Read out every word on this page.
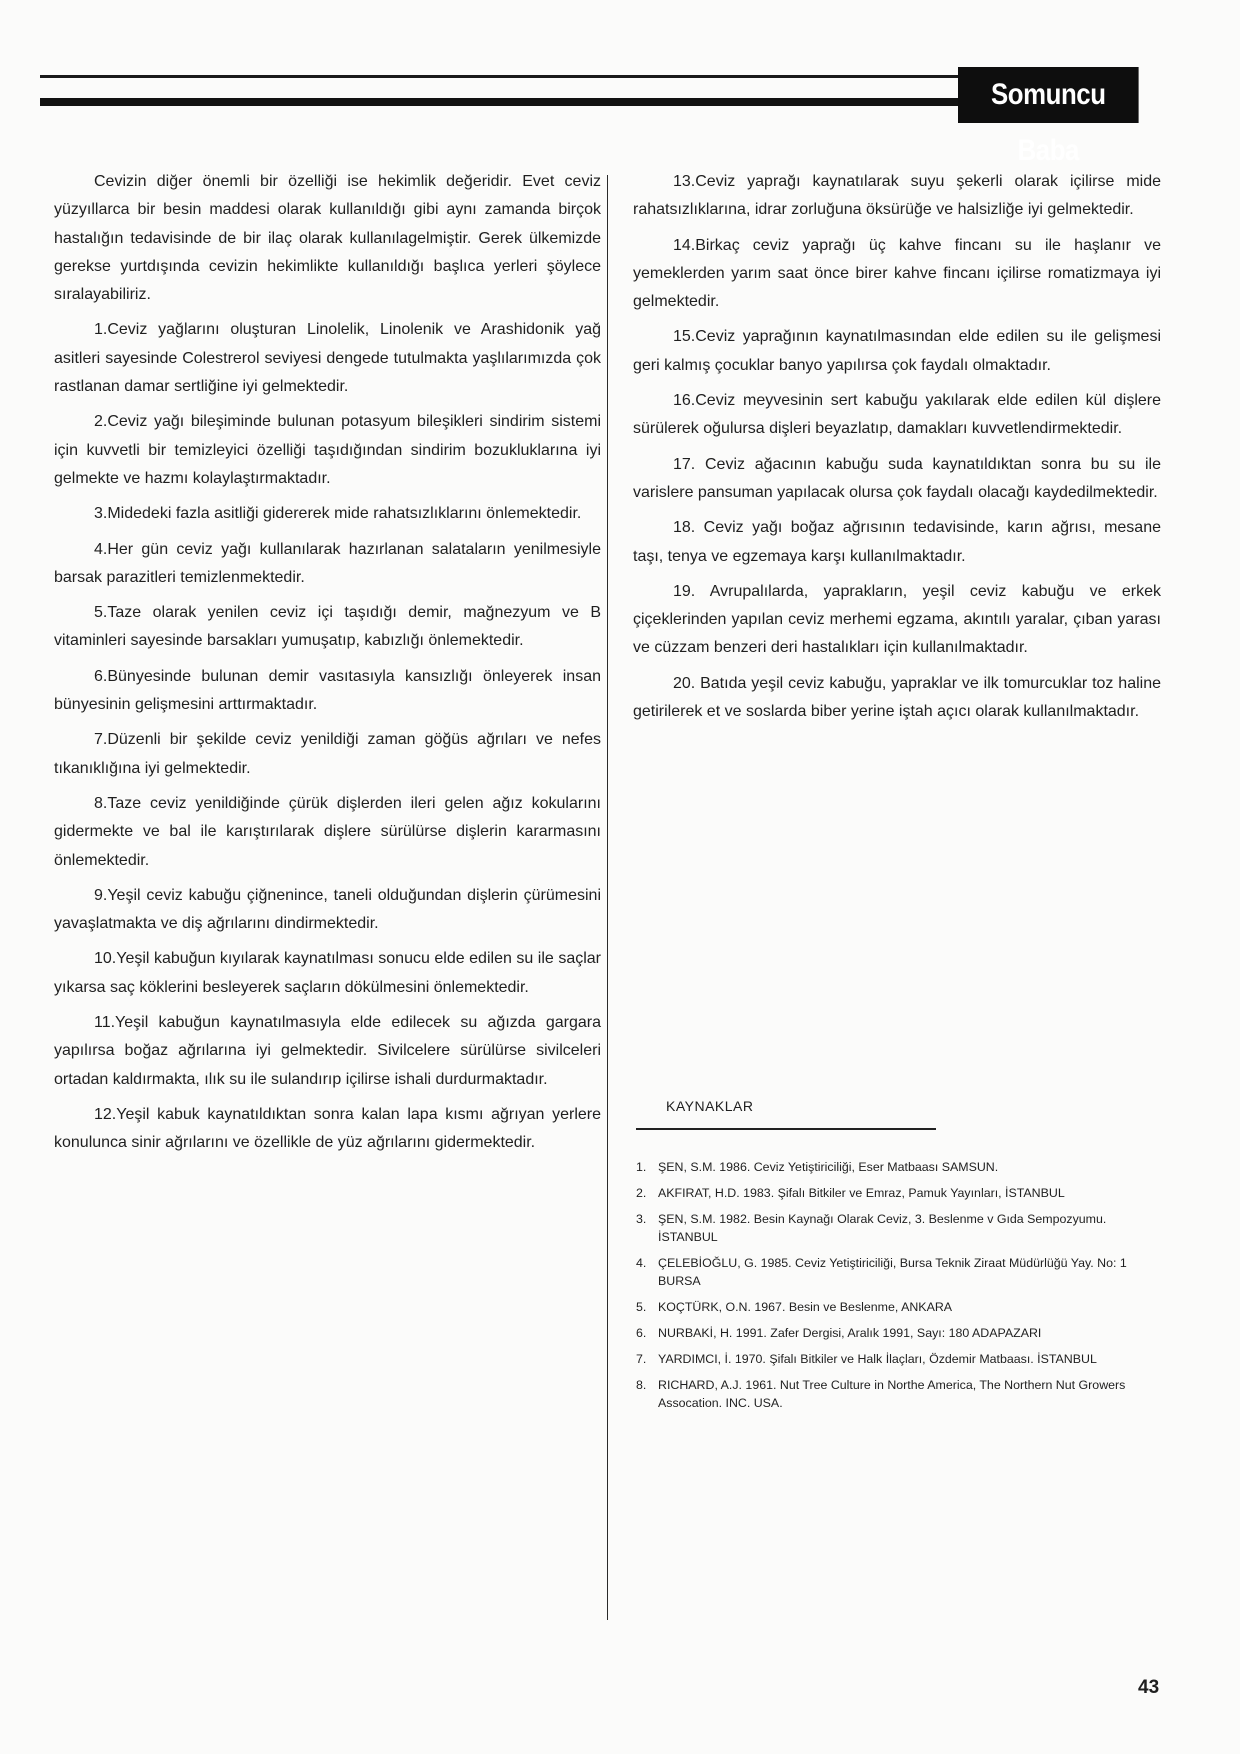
Somuncu Baba

Cevizin diğer önemli bir özelliği ise hekimlik değeridir. Evet ceviz yüzyıllarca bir besin maddesi olarak kullanıldığı gibi aynı zamanda birçok hastalığın tedavisinde de bir ilaç olarak kullanılagelmiştir. Gerek ülkemizde gerekse yurtdışında cevizin hekimlikte kullanıldığı başlıca yerleri şöylece sıralayabiliriz.

1.Ceviz yağlarını oluşturan Linolelik, Linolenik ve Arashidonik yağ asitleri sayesinde Colestrerol seviyesi dengede tutulmakta yaşlılarımızda çok rastlanan damar sertliğine iyi gelmektedir.

2.Ceviz yağı bileşiminde bulunan potasyum bileşikleri sindirim sistemi için kuvvetli bir temizleyici özelliği taşıdığından sindirim bozukluklarına iyi gelmekte ve hazmı kolaylaştırmaktadır.

3.Midedeki fazla asitliği gidererek mide rahatsızlıklarını önlemektedir.

4.Her gün ceviz yağı kullanılarak hazırlanan salataların yenilmesiyle barsak parazitleri temizlenmektedir.

5.Taze olarak yenilen ceviz içi taşıdığı demir, mağnezyum ve B vitaminleri sayesinde barsakları yumuşatıp, kabızlığı önlemektedir.

6.Bünyesinde bulunan demir vasıtasıyla kansızlığı önleyerek insan bünyesinin gelişmesini arttırmaktadır.

7.Düzenli bir şekilde ceviz yenildiği zaman göğüs ağrıları ve nefes tıkanıklığına iyi gelmektedir.

8.Taze ceviz yenildiğinde çürük dişlerden ileri gelen ağız kokularını gidermekte ve bal ile karıştırılarak dişlere sürülürse dişlerin kararmasını önlemektedir.

9.Yeşil ceviz kabuğu çiğnenince, taneli olduğundan dişlerin çürümesini yavaşlatmakta ve diş ağrılarını dindirmektedir.

10.Yeşil kabuğun kıyılarak kaynatılması sonucu elde edilen su ile saçlar yıkarsa saç köklerini besleyerek saçların dökülmesini önlemektedir.

11.Yeşil kabuğun kaynatılmasıyla elde edilecek su ağızda gargara yapılırsa boğaz ağrılarına iyi gelmektedir. Sivilcelere sürülürse sivilceleri ortadan kaldırmakta, ılık su ile sulandırıp içilirse ishali durdurmaktadır.

12.Yeşil kabuk kaynatıldıktan sonra kalan lapa kısmı ağrıyan yerlere konulunca sinir ağrılarını ve özellikle de yüz ağrılarını gidermektedir.

13.Ceviz yaprağı kaynatılarak suyu şekerli olarak içilirse mide rahatsızlıklarına, idrar zorluğuna öksürüğe ve halsizliğe iyi gelmektedir.

14.Birkaç ceviz yaprağı üç kahve fincanı su ile haşlanır ve yemeklerden yarım saat önce birer kahve fincanı içilirse romatizmaya iyi gelmektedir.

15.Ceviz yaprağının kaynatılmasından elde edilen su ile gelişmesi geri kalmış çocuklar banyo yapılırsa çok faydalı olmaktadır.

16.Ceviz meyvesinin sert kabuğu yakılarak elde edilen kül dişlere sürülerek oğulursa dişleri beyazlatıp, damakları kuvvetlendirmektedir.

17. Ceviz ağacının kabuğu suda kaynatıldıktan sonra bu su ile varislere pansuman yapılacak olursa çok faydalı olacağı kaydedilmektedir.

18. Ceviz yağı boğaz ağrısının tedavisinde, karın ağrısı, mesane taşı, tenya ve egzemaya karşı kullanılmaktadır.

19. Avrupalılarda, yaprakların, yeşil ceviz kabuğu ve erkek çiçeklerinden yapılan ceviz merhemi egzama, akıntılı yaralar, çıban yarası ve cüzzam benzeri deri hastalıkları için kullanılmaktadır.

20. Batıda yeşil ceviz kabuğu, yapraklar ve ilk tomurcuklar toz haline getirilerek et ve soslarda biber yerine iştah açıcı olarak kullanılmaktadır.

KAYNAKLAR
1. ŞEN, S.M. 1986. Ceviz Yetiştiriciliği, Eser Matbaası SAMSUN.
2. AKFIRAT, H.D. 1983. Şifalı Bitkiler ve Emraz, Pamuk Yayınları, İSTANBUL
3. ŞEN, S.M. 1982. Besin Kaynağı Olarak Ceviz, 3. Beslenme v Gıda Sempozyumu. İSTANBUL
4. ÇELEBİOĞLU, G. 1985. Ceviz Yetiştiriciliği, Bursa Teknik Ziraat Müdürlüğü Yay. No: 1 BURSA
5. KOÇTÜRK, O.N. 1967. Besin ve Beslenme, ANKARA
6. NURBAKİ, H. 1991. Zafer Dergisi, Aralık 1991, Sayı: 180 ADAPAZARI
7. YARDIMCI, İ. 1970. Şifalı Bitkiler ve Halk İlaçları, Özdemir Matbaası. İSTANBUL
8. RICHARD, A.J. 1961. Nut Tree Culture in Northe America, The Northern Nut Growers Assocation. INC. USA.
43
